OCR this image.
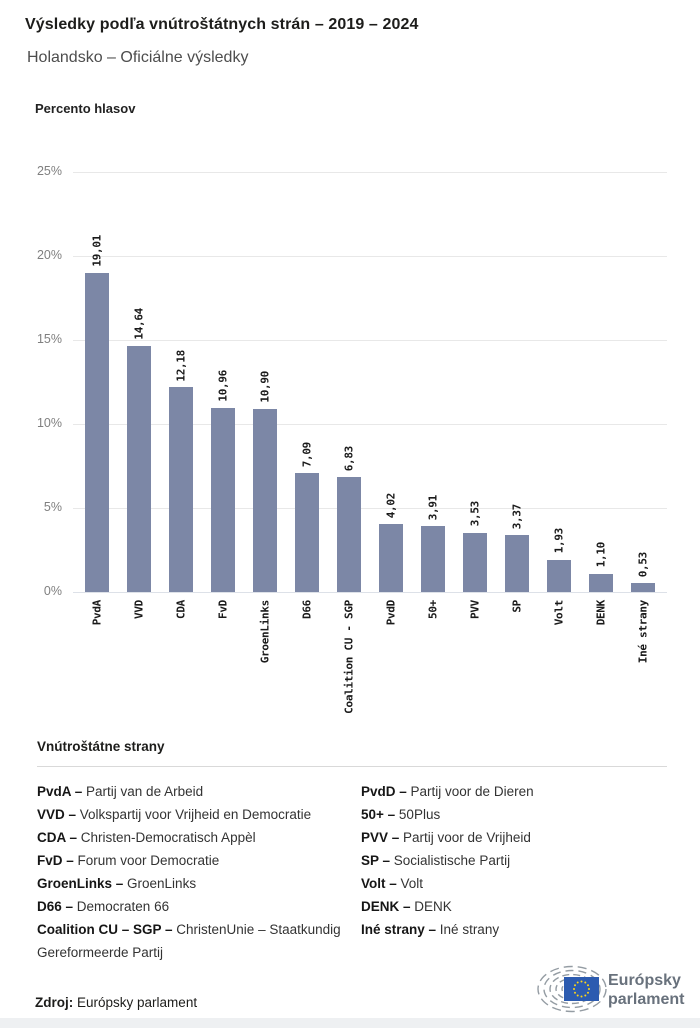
Výsledky podľa vnútroštátnych strán – 2019 – 2024
Holandsko – Oficiálne výsledky
Percento hlasov
19,01
PvdA
14,64
VVD
12,18
CDA
10,96
FvD
10,90
GroenLinks
7,09
D66
6,83
Coalition CU - SGP
4,02
PvdD
3,91
50+
3,53
PVV
3,37
SP
1,93
Volt
1,10
DENK
0,53
Iné strany
0%
5%
10%
15%
20%
25%
Vnútroštátne strany
PvdA – Partij van de Arbeid
VVD – Volkspartij voor Vrijheid en Democratie
CDA – Christen-Democratisch Appèl
FvD – Forum voor Democratie
GroenLinks – GroenLinks
D66 – Democraten 66
Coalition CU – SGP – ChristenUnie – Staatkundig Gereformeerde Partij
PvdD – Partij voor de Dieren
50+ – 50Plus
PVV – Partij voor de Vrijheid
SP – Socialistische Partij
Volt – Volt
DENK – DENK
Iné strany – Iné strany
Zdroj: Európsky parlament
Európsky
parlament
